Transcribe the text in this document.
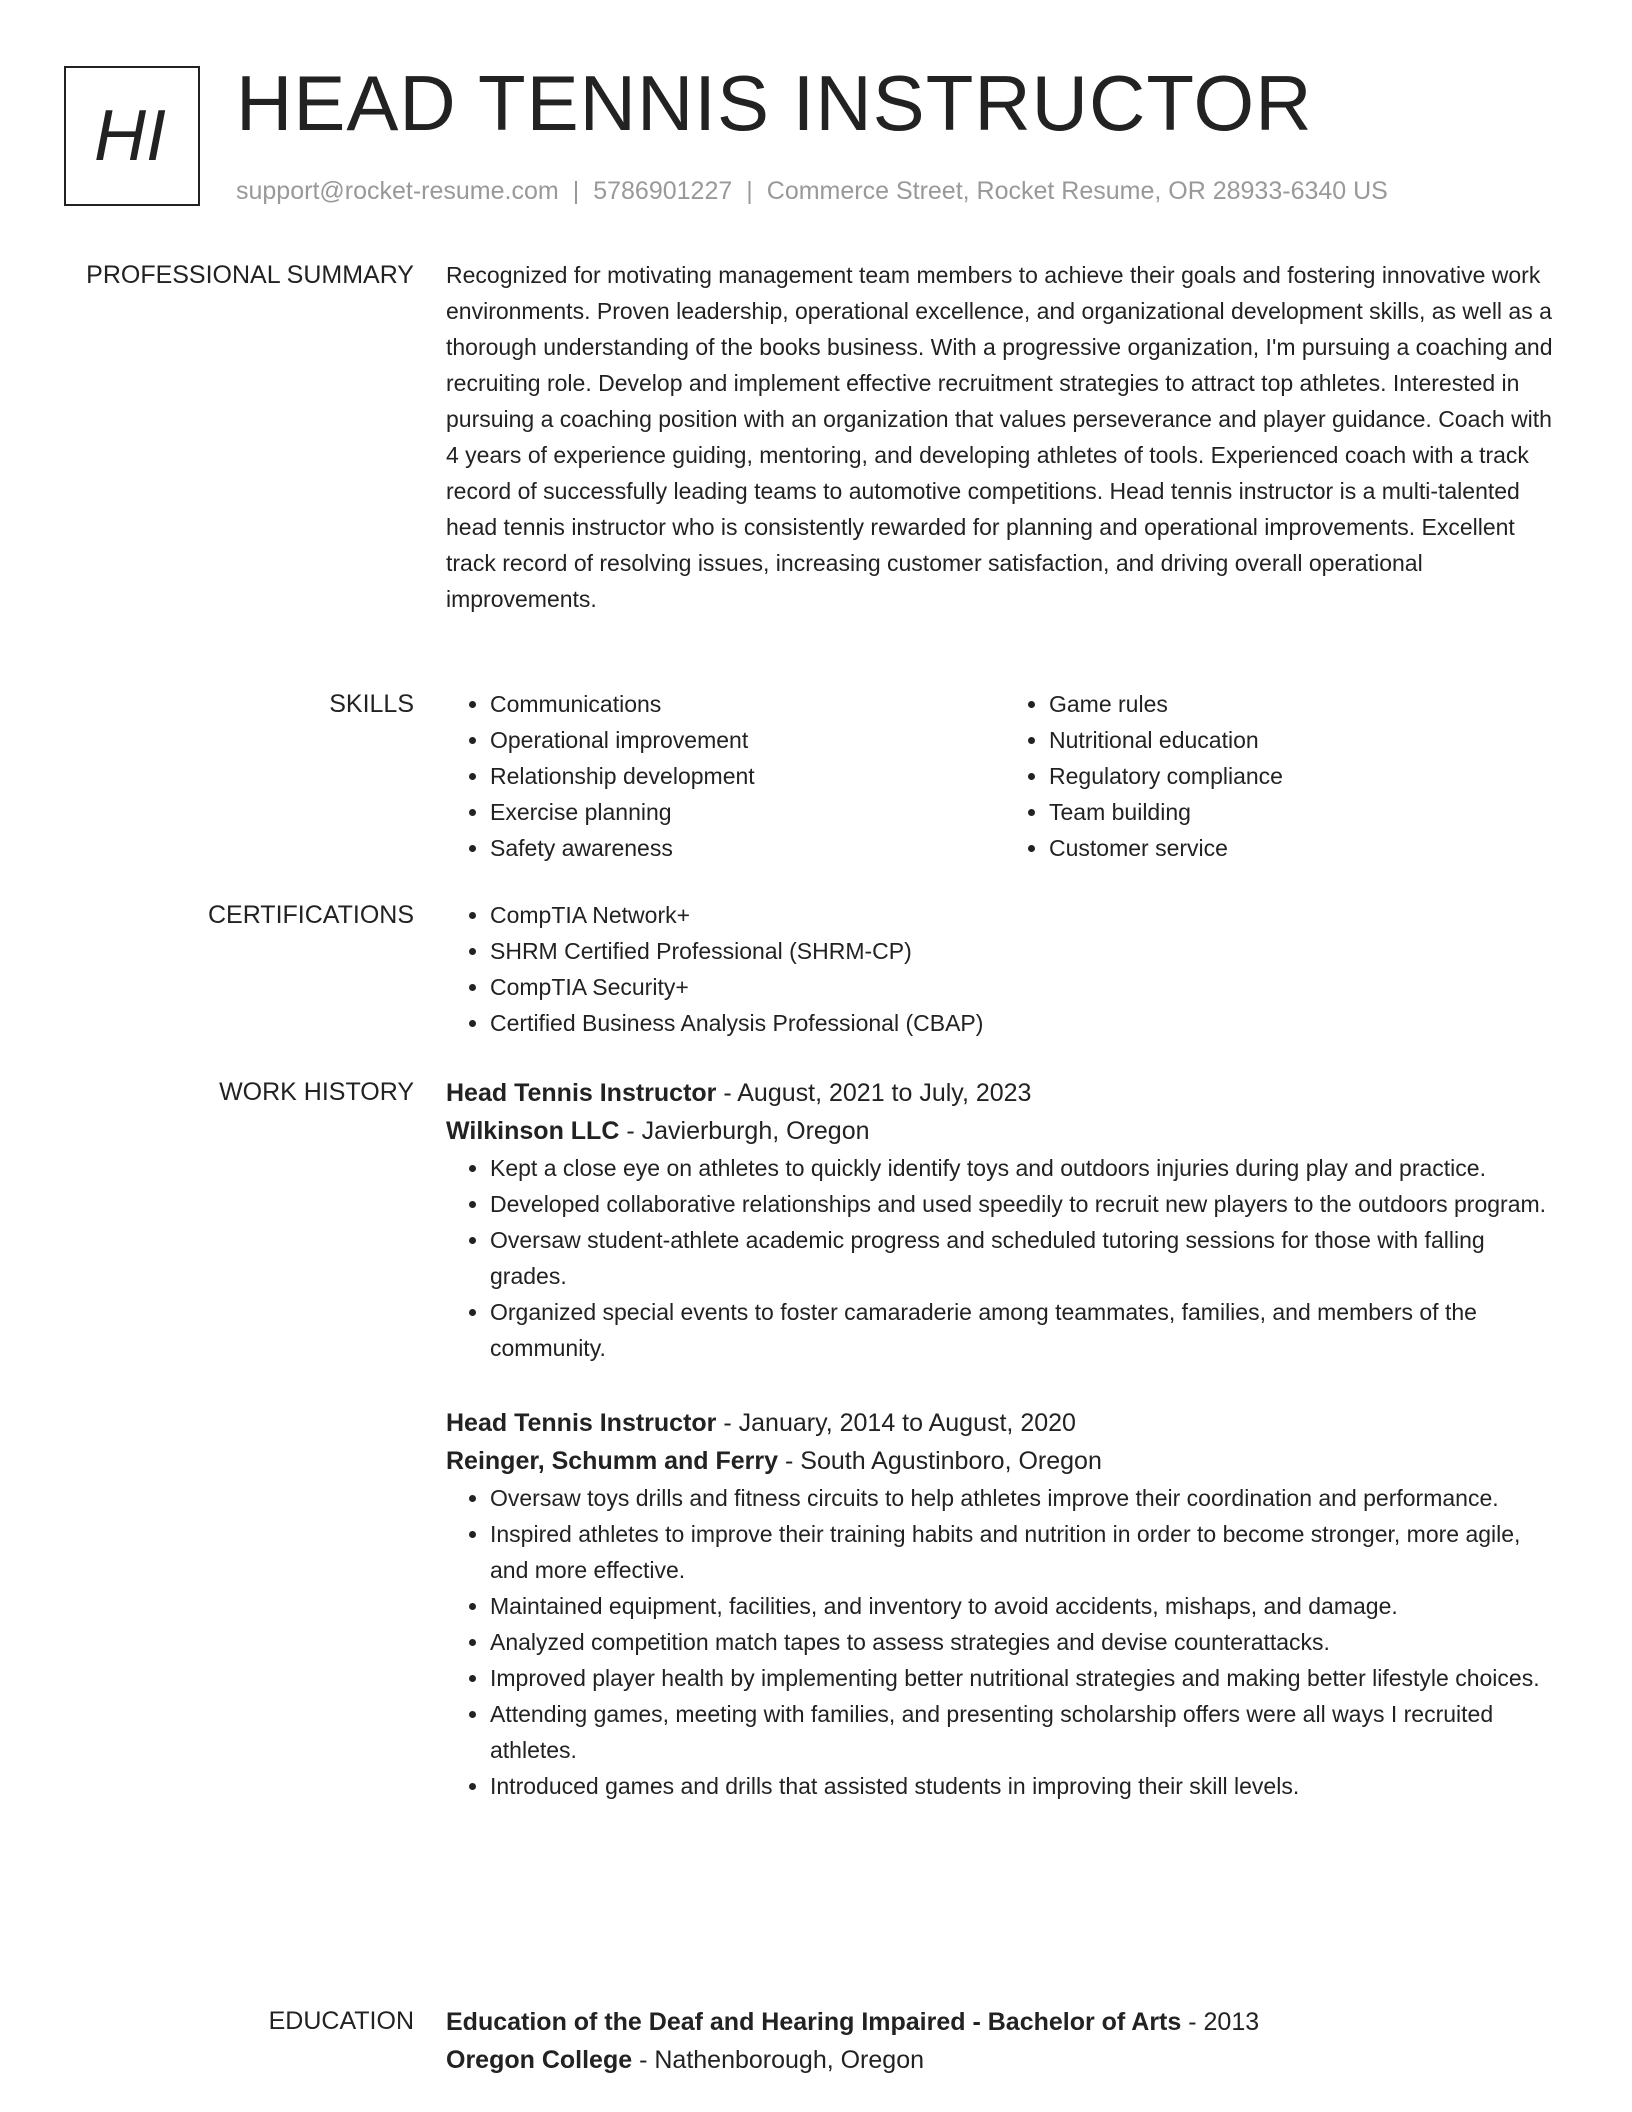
HI HEAD TENNIS INSTRUCTOR
support@rocket-resume.com | 5786901227 | Commerce Street, Rocket Resume, OR 28933-6340 US
PROFESSIONAL SUMMARY Recognized for motivating management team members to achieve their goals and fostering innovative work environments. Proven leadership, operational excellence, and organizational development skills, as well as a thorough understanding of the books business. With a progressive organization, I'm pursuing a coaching and recruiting role. Develop and implement effective recruitment strategies to attract top athletes. Interested in pursuing a coaching position with an organization that values perseverance and player guidance. Coach with 4 years of experience guiding, mentoring, and developing athletes of tools. Experienced coach with a track record of successfully leading teams to automotive competitions. Head tennis instructor is a multi-talented head tennis instructor who is consistently rewarded for planning and operational improvements. Excellent track record of resolving issues, increasing customer satisfaction, and driving overall operational improvements.
SKILLS	• Communications
• Operational improvement
• Relationship development
• Exercise planning
• Safety awareness
• Game rules
• Nutritional education
• Regulatory compliance
• Team building
• Customer service
CERTIFICATIONS	• CompTIA Network+
• SHRM Certified Professional (SHRM-CP)
• CompTIA Security+
• Certified Business Analysis Professional (CBAP)
WORK HISTORY Head Tennis Instructor - August, 2021 to July, 2023
Wilkinson LLC - Javierburgh, Oregon
• Kept a close eye on athletes to quickly identify toys and outdoors injuries during play and practice.
• Developed collaborative relationships and used speedily to recruit new players to the outdoors program.
• Oversaw student-athlete academic progress and scheduled tutoring sessions for those with falling grades.
• Organized special events to foster camaraderie among teammates, families, and members of the community.
Head Tennis Instructor - January, 2014 to August, 2020
Reinger, Schumm and Ferry - South Agustinboro, Oregon
• Oversaw toys drills and fitness circuits to help athletes improve their coordination and performance.
• Inspired athletes to improve their training habits and nutrition in order to become stronger, more agile, and more effective.
• Maintained equipment, facilities, and inventory to avoid accidents, mishaps, and damage.
• Analyzed competition match tapes to assess strategies and devise counterattacks.
• Improved player health by implementing better nutritional strategies and making better lifestyle choices.
• Attending games, meeting with families, and presenting scholarship offers were all ways I recruited athletes.
• Introduced games and drills that assisted students in improving their skill levels.
EDUCATION Education of the Deaf and Hearing Impaired - Bachelor of Arts - 2013
Oregon College - Nathenborough, Oregon
